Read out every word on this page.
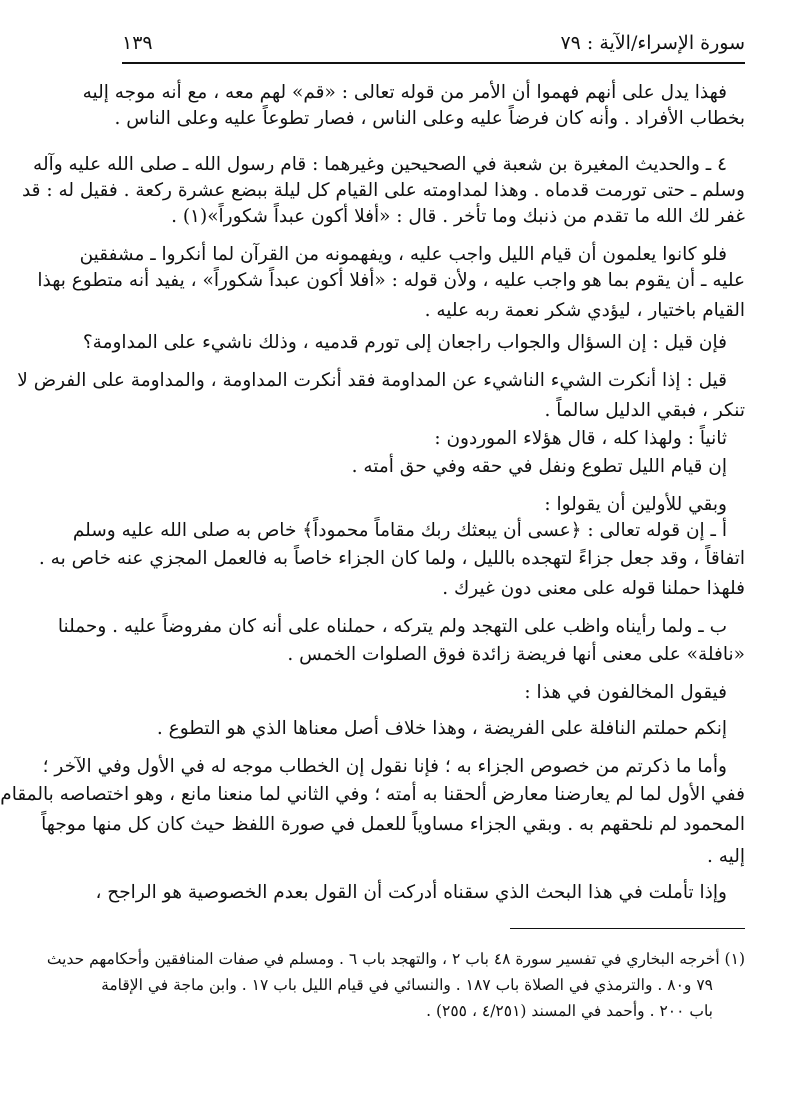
سورة الإسراء/الآية : ٧٩
١٣٩
فهذا يدل على أنهم فهموا أن الأمر من قوله تعالى : «قم» لهم معه ، مع أنه موجه إليه
بخطاب الأفراد . وأنه كان فرضاً عليه وعلى الناس ، فصار تطوعاً عليه وعلى الناس .
٤ ـ والحديث المغيرة بن شعبة في الصحيحين وغيرهما : قام رسول الله ـ صلى الله عليه وآله
وسلم ـ حتى تورمت قدماه . وهذا لمداومته على القيام كل ليلة ببضع عشرة ركعة . فقيل له : قد
غفر لك الله ما تقدم من ذنبك وما تأخر . قال : «أفلا أكون عبداً شكوراً»(١) .
فلو كانوا يعلمون أن قيام الليل واجب عليه ، ويفهمونه من القرآن لما أنكروا ـ مشفقين
عليه ـ أن يقوم بما هو واجب عليه ، ولأن قوله : «أفلا أكون عبداً شكوراً» ، يفيد أنه متطوع بهذا
القيام باختيار ، ليؤدي شكر نعمة ربه عليه .
فإن قيل : إن السؤال والجواب راجعان إلى تورم قدميه ، وذلك ناشيء على المداومة؟
قيل : إذا أنكرت الشيء الناشيء عن المداومة فقد أنكرت المداومة ، والمداومة على الفرض لا
تنكر ، فبقي الدليل سالماً .
ثانياً : ولهذا كله ، قال هؤلاء الموردون :
إن قيام الليل تطوع ونفل في حقه وفي حق أمته .
وبقي للأولين أن يقولوا :
أ ـ إن قوله تعالى : ﴿عسى أن يبعثك ربك مقاماً محموداً﴾ خاص به صلى الله عليه وسلم
اتفاقاً ، وقد جعل جزاءً لتهجده بالليل ، ولما كان الجزاء خاصاً به فالعمل المجزي عنه خاص به .
فلهذا حملنا قوله على معنى دون غيرك .
ب ـ ولما رأيناه واظب على التهجد ولم يتركه ، حملناه على أنه كان مفروضاً عليه . وحملنا
«نافلة» على معنى أنها فريضة زائدة فوق الصلوات الخمس .
فيقول المخالفون في هذا :
إنكم حملتم النافلة على الفريضة ، وهذا خلاف أصل معناها الذي هو التطوع .
وأما ما ذكرتم من خصوص الجزاء به ؛ فإنا نقول إن الخطاب موجه له في الأول وفي الآخر ؛
ففي الأول لما لم يعارضنا معارض ألحقنا به أمته ؛ وفي الثاني لما منعنا مانع ، وهو اختصاصه بالمقام
المحمود لم نلحقهم به . وبقي الجزاء مساوياً للعمل في صورة اللفظ حيث كان كل منها موجهاً
إليه .
وإذا تأملت في هذا البحث الذي سقناه أدركت أن القول بعدم الخصوصية هو الراجح ،
(١) أخرجه البخاري في تفسير سورة ٤٨ باب ٢ ، والتهجد باب ٦ . ومسلم في صفات المنافقين وأحكامهم حديث
٧٩ و٨٠ . والترمذي في الصلاة باب ١٨٧ . والنسائي في قيام الليل باب ١٧ . وابن ماجة في الإقامة
باب ٢٠٠ . وأحمد في المسند (٤/٢٥١ ، ٢٥٥) .
